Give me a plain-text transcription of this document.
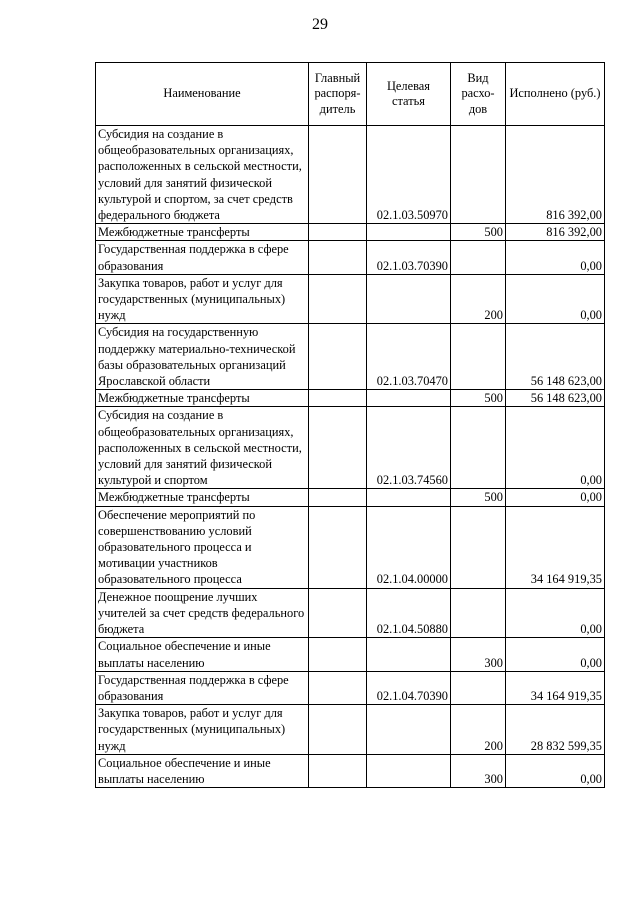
29
Наименование	Главный распоря-дитель	Целевая статья	Вид расхо-дов	Исполнено (руб.)
Субсидия на создание в общеобразовательных организациях, расположенных в сельской местности, условий для занятий физической культурой и спортом, за счет средств федерального бюджета		02.1.03.50970		816 392,00
Межбюджетные трансферты			500	816 392,00
Государственная поддержка в сфере образования		02.1.03.70390		0,00
Закупка товаров, работ и услуг для государственных (муниципальных) нужд			200	0,00
Субсидия на государственную поддержку материально-технической базы образовательных организаций Ярославской области		02.1.03.70470		56 148 623,00
Межбюджетные трансферты			500	56 148 623,00
Субсидия на создание в общеобразовательных организациях, расположенных в сельской местности, условий для занятий физической культурой и спортом		02.1.03.74560		0,00
Межбюджетные трансферты			500	0,00
Обеспечение мероприятий по совершенствованию условий образовательного процесса и мотивации участников образовательного процесса		02.1.04.00000		34 164 919,35
Денежное поощрение лучших учителей за счет средств федерального бюджета		02.1.04.50880		0,00
Социальное обеспечение и иные выплаты населению			300	0,00
Государственная поддержка в сфере образования		02.1.04.70390		34 164 919,35
Закупка товаров, работ и услуг для государственных (муниципальных) нужд			200	28 832 599,35
Социальное обеспечение и иные выплаты населению			300	0,00
